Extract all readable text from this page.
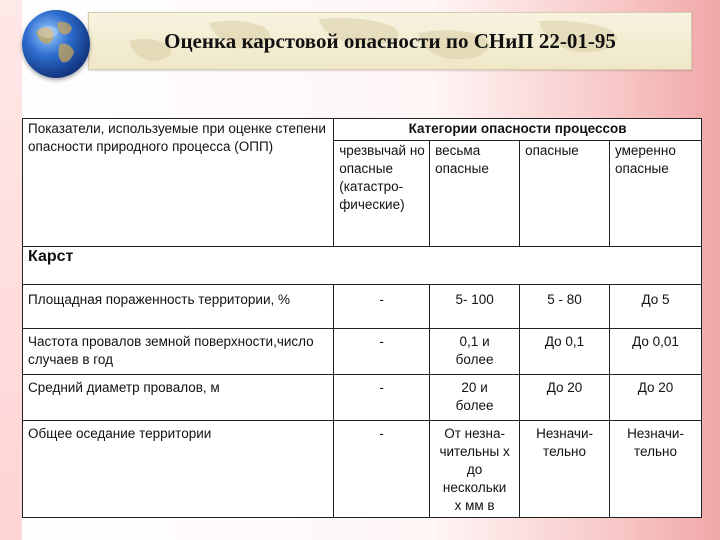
Оценка карстовой опасности по СНиП 22-01-95
Показатели, используемые при оценке степени опасности природного процесса (ОПП)	Категории опасности процессов			
	чрезвычай но опасные (катастро- фические)	весьма опасные	опасные	умеренно опасные
Карст				
Площадная пораженность территории, %	-	5- 100	5 - 80	До 5
Частота провалов земной поверхности,число случаев в год	-	0,1 и более	До 0,1	До 0,01
Средний диаметр провалов, м	-	20 и более	До 20	До 20
Общее оседание территории	-	От незна- чительны х до нескольки х мм в	Незначи- тельно	Незначи- тельно
